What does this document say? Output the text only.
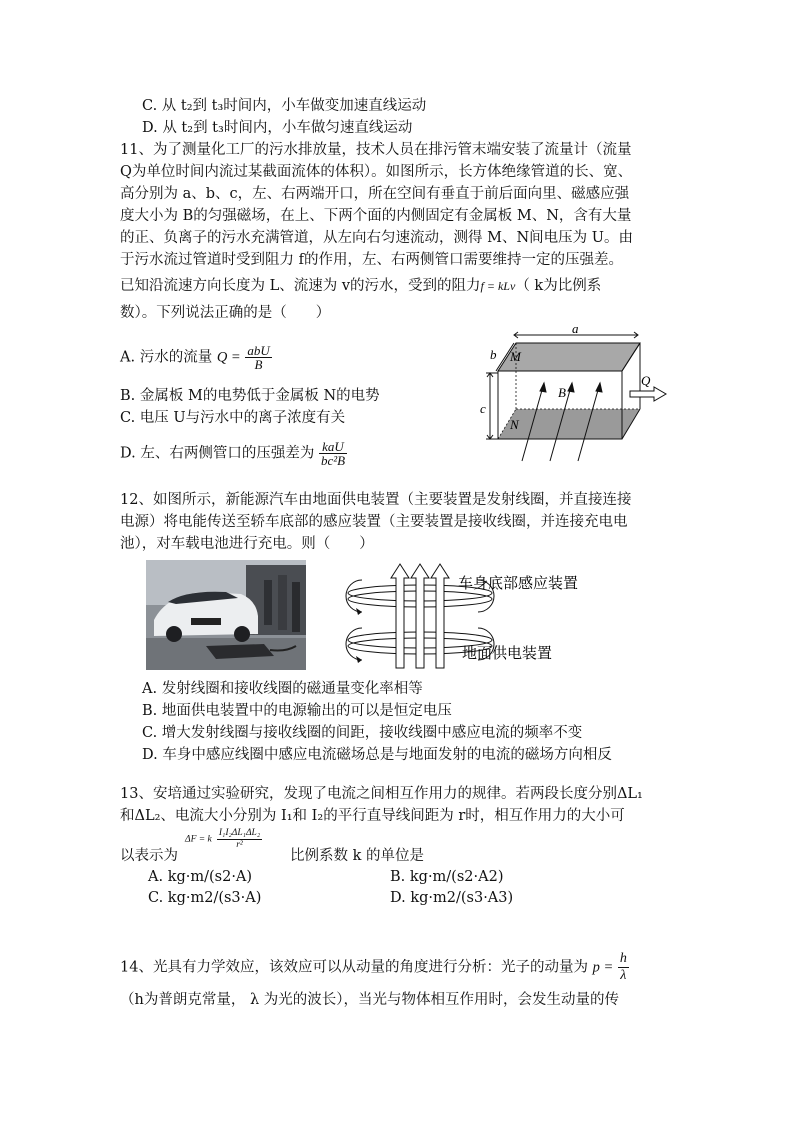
C. 从 t₂到 t₃时间内，小车做变加速直线运动
D. 从 t₂到 t₃时间内，小车做匀速直线运动
11、为了测量化工厂的污水排放量，技术人员在排污管末端安装了流量计（流量
Q为单位时间内流过某截面流体的体积）。如图所示，长方体绝缘管道的长、宽、
高分别为 a、b、c，左、右两端开口，所在空间有垂直于前后面向里、磁感应强
度大小为 B的匀强磁场，在上、下两个面的内侧固定有金属板 M、N，含有大量
的正、负离子的污水充满管道，从左向右匀速流动，测得 M、N间电压为 U。由
于污水流过管道时受到阻力 f的作用，左、右两侧管口需要维持一定的压强差。
已知沿流速方向长度为 L、流速为 v的污水，受到的阻力f = kLv（ k为比例系
数）。下列说法正确的是（　　）
A. 污水的流量 $Q = \frac{\text{abU}}{B}$
B. 金属板 M的电势低于金属板 N的电势
C. 电压 U与污水中的离子浓度有关
D. 左、右两侧管口的压强差为 $\frac{\text{kaU}}{\text{bc²B}}$
a
b
c
M
N
B
Q
12、如图所示，新能源汽车由地面供电装置（主要装置是发射线圈，并直接连接
电源）将电能传送至轿车底部的感应装置（主要装置是接收线圈，并连接充电电
池），对车载电池进行充电。则（　　）
车身底部感应装置
地面供电装置
A. 发射线圈和接收线圈的磁通量变化率相等
B. 地面供电装置中的电源输出的可以是恒定电压
C. 增大发射线圈与接收线圈的间距，接收线圈中感应电流的频率不变
D. 车身中感应线圈中感应电流磁场总是与地面发射的电流的磁场方向相反
13、安培通过实验研究，发现了电流之间相互作用力的规律。若两段长度分别ΔL₁
和ΔL₂、电流大小分别为 I₁和 I₂的平行直导线间距为 r时，相互作用力的大小可
以表示为
ΔF = k $\frac{\text{I₁I₂ΔL₁ΔL₂}}{\text{r²}}$
比例系数 k 的单位是
A. kg·m/(s2·A)	B. kg·m/(s2·A2)
C. kg·m2/(s3·A)	D. kg·m2/(s3·A3)
14、光具有力学效应，该效应可以从动量的角度进行分析：光子的动量为 $p = \frac{h}{\lambda}$
（h为普朗克常量， λ 为光的波长），当光与物体相互作用时，会发生动量的传
